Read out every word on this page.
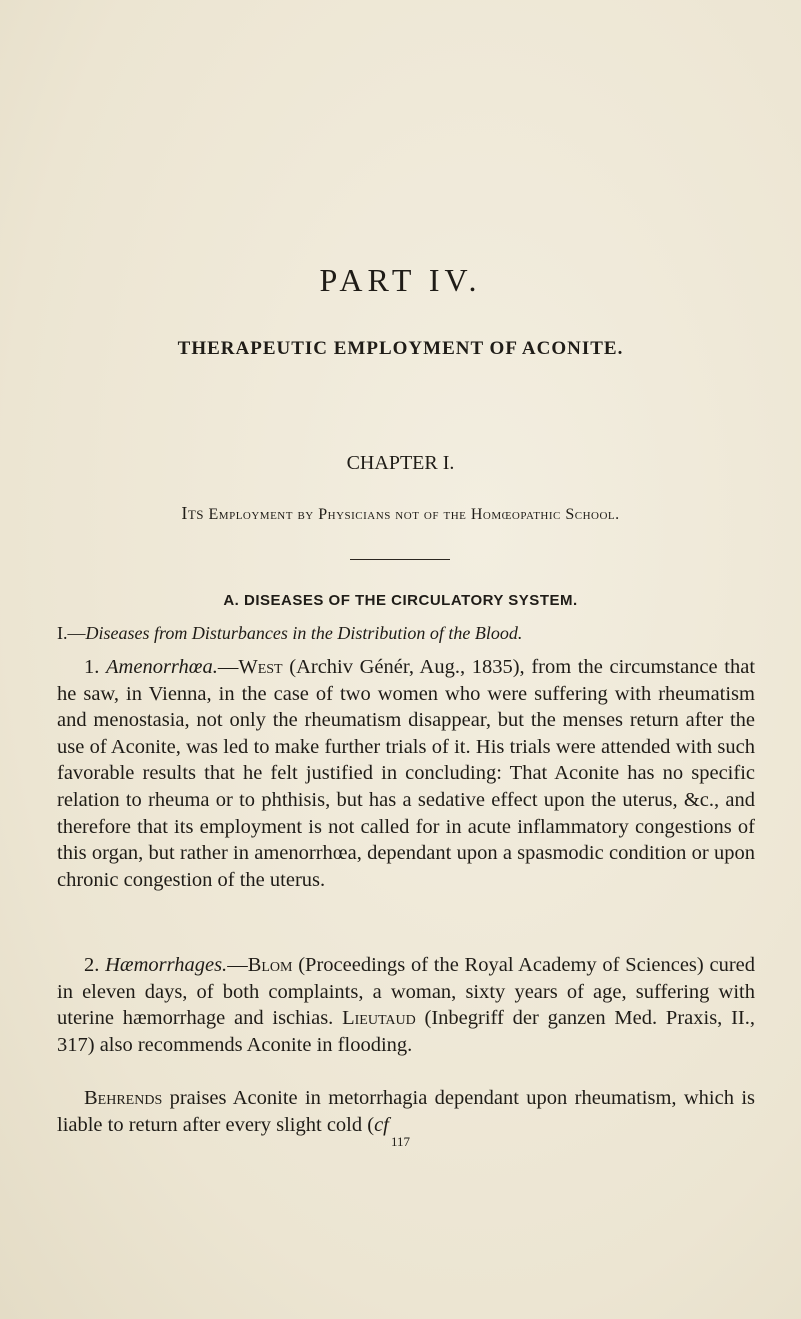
PART IV.
THERAPEUTIC EMPLOYMENT OF ACONITE.
CHAPTER I.
Its Employment by Physicians not of the Homœopathic School.
A. DISEASES OF THE CIRCULATORY SYSTEM.
I.—Diseases from Disturbances in the Distribution of the Blood.
1. Amenorrhœa.—West (Archiv Génér, Aug., 1835), from the circumstance that he saw, in Vienna, in the case of two women who were suffering with rheumatism and menostasia, not only the rheumatism disappear, but the menses return after the use of Aconite, was led to make further trials of it. His trials were attended with such favorable results that he felt justified in concluding: That Aconite has no specific relation to rheuma or to phthisis, but has a sedative effect upon the uterus, &c., and therefore that its employment is not called for in acute inflammatory congestions of this organ, but rather in amenorrhœa, dependant upon a spasmodic condition or upon chronic congestion of the uterus.
2. Hæmorrhages.—Blom (Proceedings of the Royal Academy of Sciences) cured in eleven days, of both complaints, a woman, sixty years of age, suffering with uterine hæmorrhage and ischias. Lieutaud (Inbegriff der ganzen Med. Praxis, II., 317) also recommends Aconite in flooding.
Behrends praises Aconite in metorrhagia dependant upon rheumatism, which is liable to return after every slight cold (cf
117
